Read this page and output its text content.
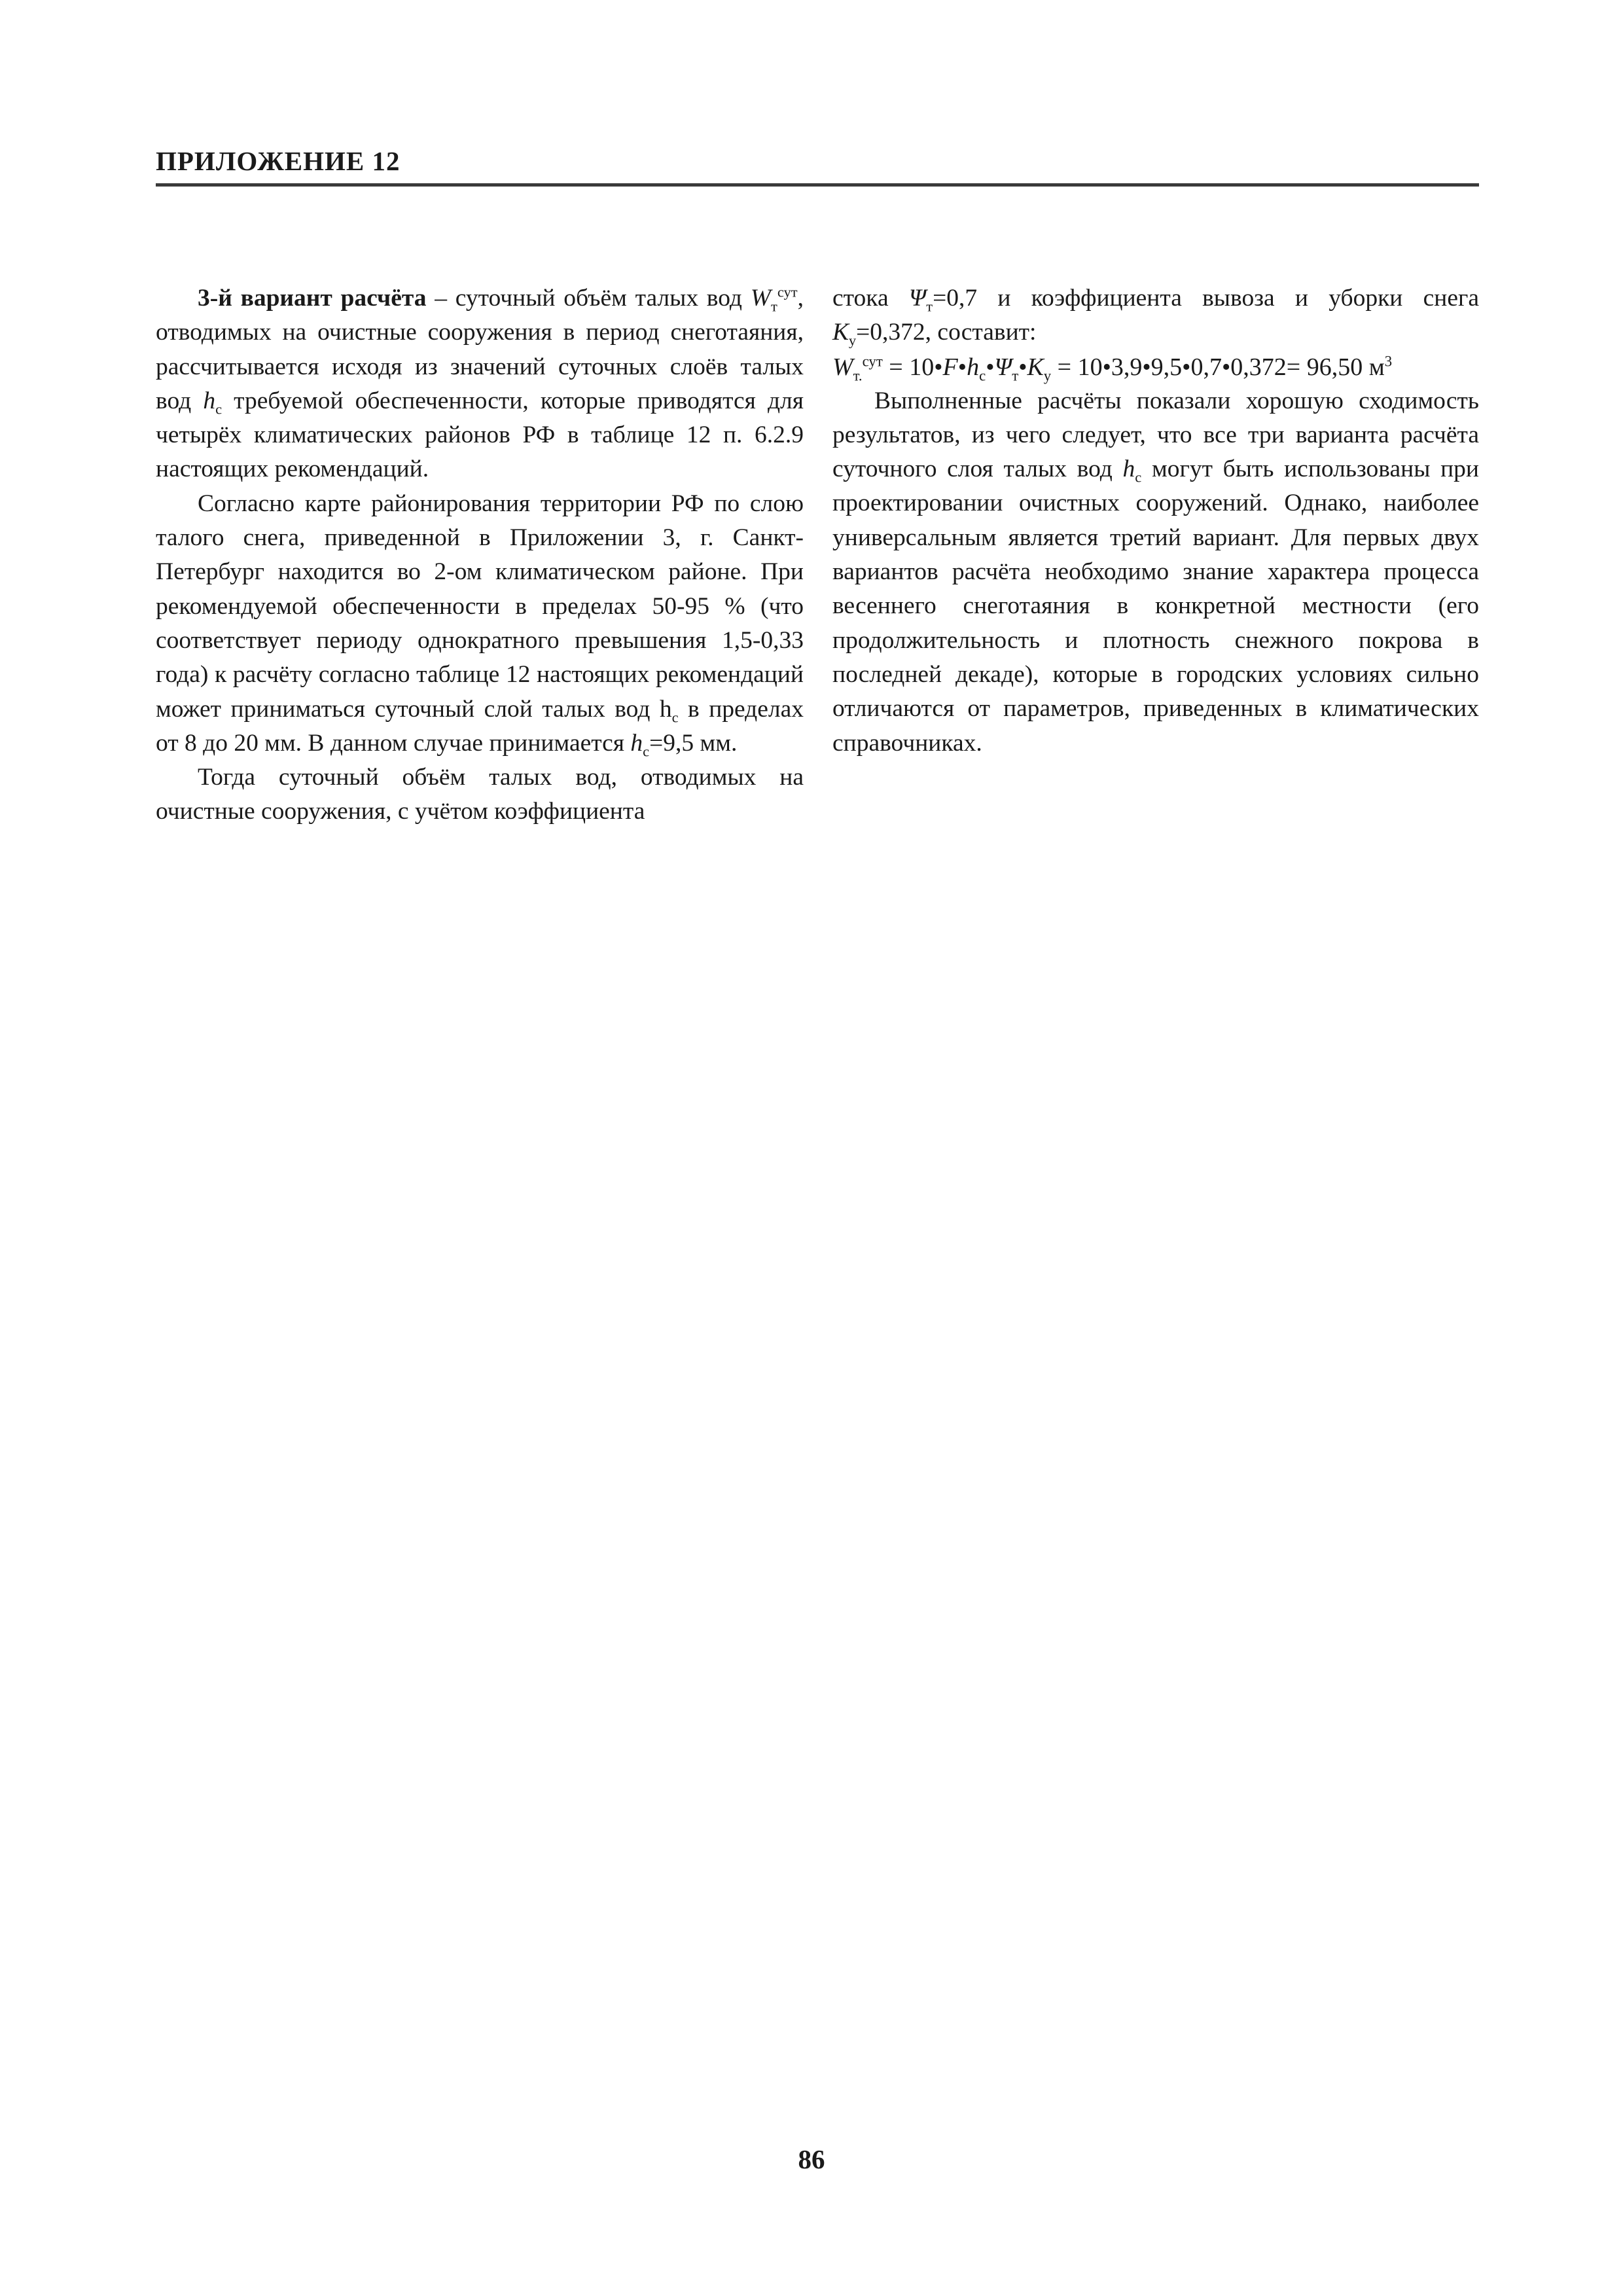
ПРИЛОЖЕНИЕ 12

3-й вариант расчёта – суточный объём талых вод $W_т^{сут}$, отводимых на очистные сооружения в период снеготаяния, рассчитывается исходя из значений суточных слоёв талых вод $h_c$ требуемой обеспеченности, которые приводятся для четырёх климатических районов РФ в таблице 12 п. 6.2.9 настоящих рекомендаций.

Согласно карте районирования территории РФ по слою талого снега, приведенной в Приложении 3, г. Санкт-Петербург находится во 2-ом климатическом районе. При рекомендуемой обеспеченности в пределах 50-95 % (что соответствует периоду однократного превышения 1,5-0,33 года) к расчёту согласно таблице 12 настоящих рекомендаций может приниматься суточный слой талых вод $h_c$ в пределах от 8 до 20 мм. В данном случае принимается $h_c=9,5$ мм.

Тогда суточный объём талых вод, отводимых на очистные сооружения, с учётом коэффициента

стока $\Psi_т=0,7$ и коэффициента вывоза и уборки снега $К_у=0,372$, составит:

$W_{т.}^{сут}$ = $10•F•h_c•\Psi_т•К_у$ = 10•3,9•9,5•0,7•0,372= 96,50 $м^3$

Выполненные расчёты показали хорошую сходимость результатов, из чего следует, что все три варианта расчёта суточного слоя талых вод $h_c$ могут быть использованы при проектировании очистных сооружений. Однако, наиболее универсальным является третий вариант. Для первых двух вариантов расчёта необходимо знание характера процесса весеннего снеготаяния в конкретной местности (его продолжительность и плотность снежного покрова в последней декаде), которые в городских условиях сильно отличаются от параметров, приведенных в климатических справочниках.

86
